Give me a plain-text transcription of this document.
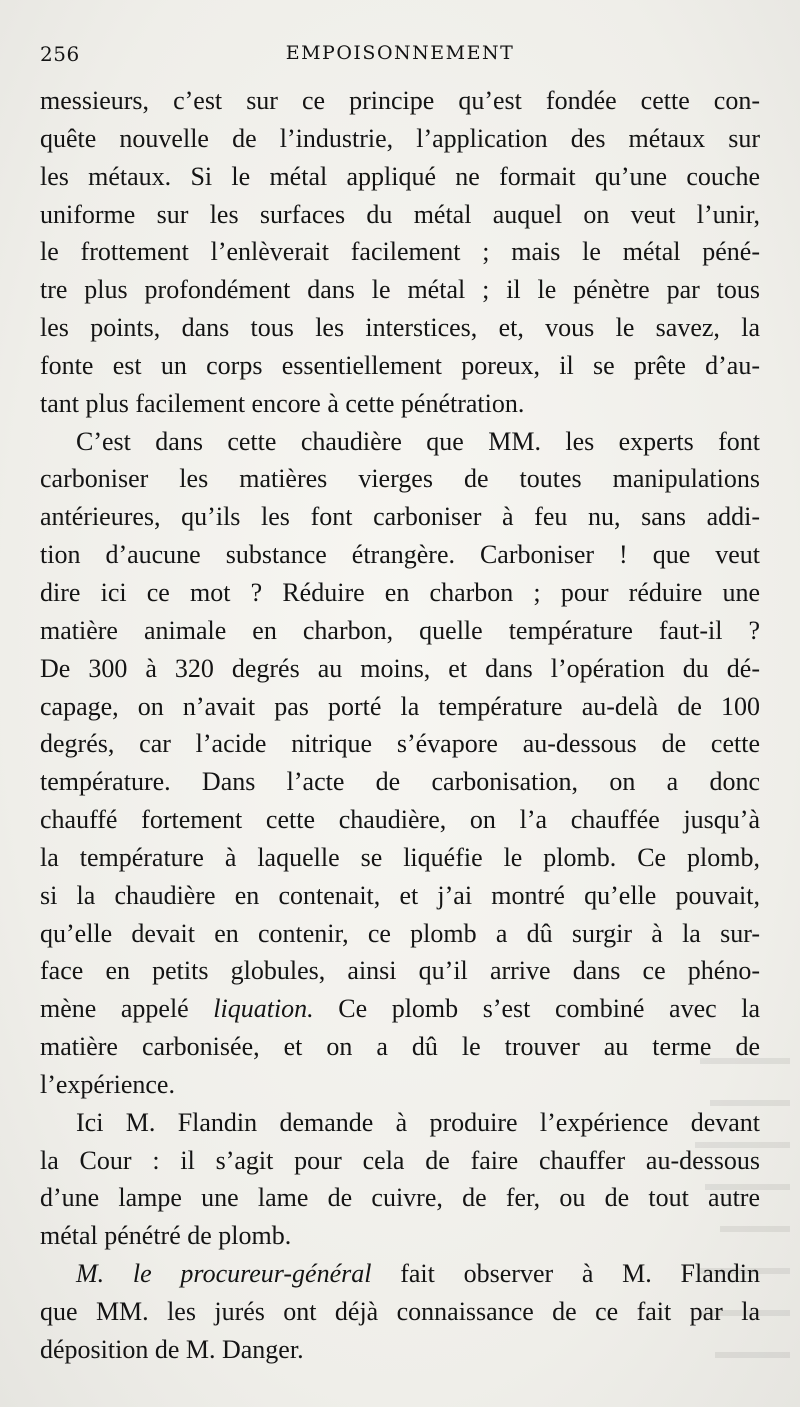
256	EMPOISONNEMENT
messieurs, c’est sur ce principe qu’est fondée cette con-
quête nouvelle de l’industrie, l’application des métaux sur
les métaux. Si le métal appliqué ne formait qu’une couche
uniforme sur les surfaces du métal auquel on veut l’unir,
le frottement l’enlèverait facilement ; mais le métal péné-
tre plus profondément dans le métal ; il le pénètre par tous
les points, dans tous les interstices, et, vous le savez, la
fonte est un corps essentiellement poreux, il se prête d’au-
tant plus facilement encore à cette pénétration.
C’est dans cette chaudière que MM. les experts font
carboniser les matières vierges de toutes manipulations
antérieures, qu’ils les font carboniser à feu nu, sans addi-
tion d’aucune substance étrangère. Carboniser ! que veut
dire ici ce mot ? Réduire en charbon ; pour réduire une
matière animale en charbon, quelle température faut-il ?
De 300 à 320 degrés au moins, et dans l’opération du dé-
capage, on n’avait pas porté la température au-delà de 100
degrés, car l’acide nitrique s’évapore au-dessous de cette
température. Dans l’acte de carbonisation, on a donc
chauffé fortement cette chaudière, on l’a chauffée jusqu’à
la température à laquelle se liquéfie le plomb. Ce plomb,
si la chaudière en contenait, et j’ai montré qu’elle pouvait,
qu’elle devait en contenir, ce plomb a dû surgir à la sur-
face en petits globules, ainsi qu’il arrive dans ce phéno-
mène appelé liquation. Ce plomb s’est combiné avec la
matière carbonisée, et on a dû le trouver au terme de
l’expérience.
Ici M. Flandin demande à produire l’expérience devant
la Cour : il s’agit pour cela de faire chauffer au-dessous
d’une lampe une lame de cuivre, de fer, ou de tout autre
métal pénétré de plomb.
M. le procureur-général fait observer à M. Flandin
que MM. les jurés ont déjà connaissance de ce fait par la
déposition de M. Danger.
